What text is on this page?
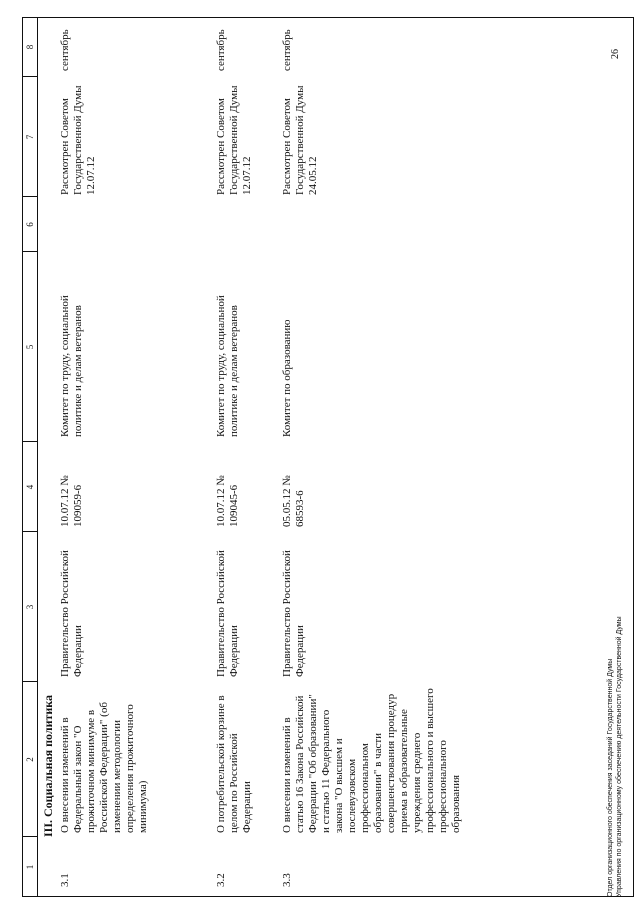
1
2
3
4
5
6
7
8
III. Социальная политика
3.1
О внесении изменений в Федеральный закон "О прожиточном минимуме в Российской Федерации" (об изменении методологии определения прожиточного минимума)
Правительство Российской Федерации
10.07.12 № 109059-6
Комитет по труду, социальной политике и делам ветеранов
Рассмотрен Советом Государственной Думы 12.07.12
сентябрь
3.2
О потребительской корзине в целом по Российской Федерации
Правительство Российской Федерации
10.07.12 № 109045-6
Комитет по труду, социальной политике и делам ветеранов
Рассмотрен Советом Государственной Думы 12.07.12
сентябрь
3.3
О внесении изменений в статью 16 Закона Российской Федерации "Об образовании" и статью 11 Федерального закона "О высшем и послевузовском профессиональном образовании" в части совершенствования процедур приема в образовательные учреждения среднего профессионального и высшего профессионального образования
Правительство Российской Федерации
05.05.12 № 68593-6
Комитет по образованию
Рассмотрен Советом Государственной Думы 24.05.12
сентябрь
Отдел организационного обеспечения заседаний Государственной Думы Управления по организационному обеспечению деятельности Государственной Думы
26
